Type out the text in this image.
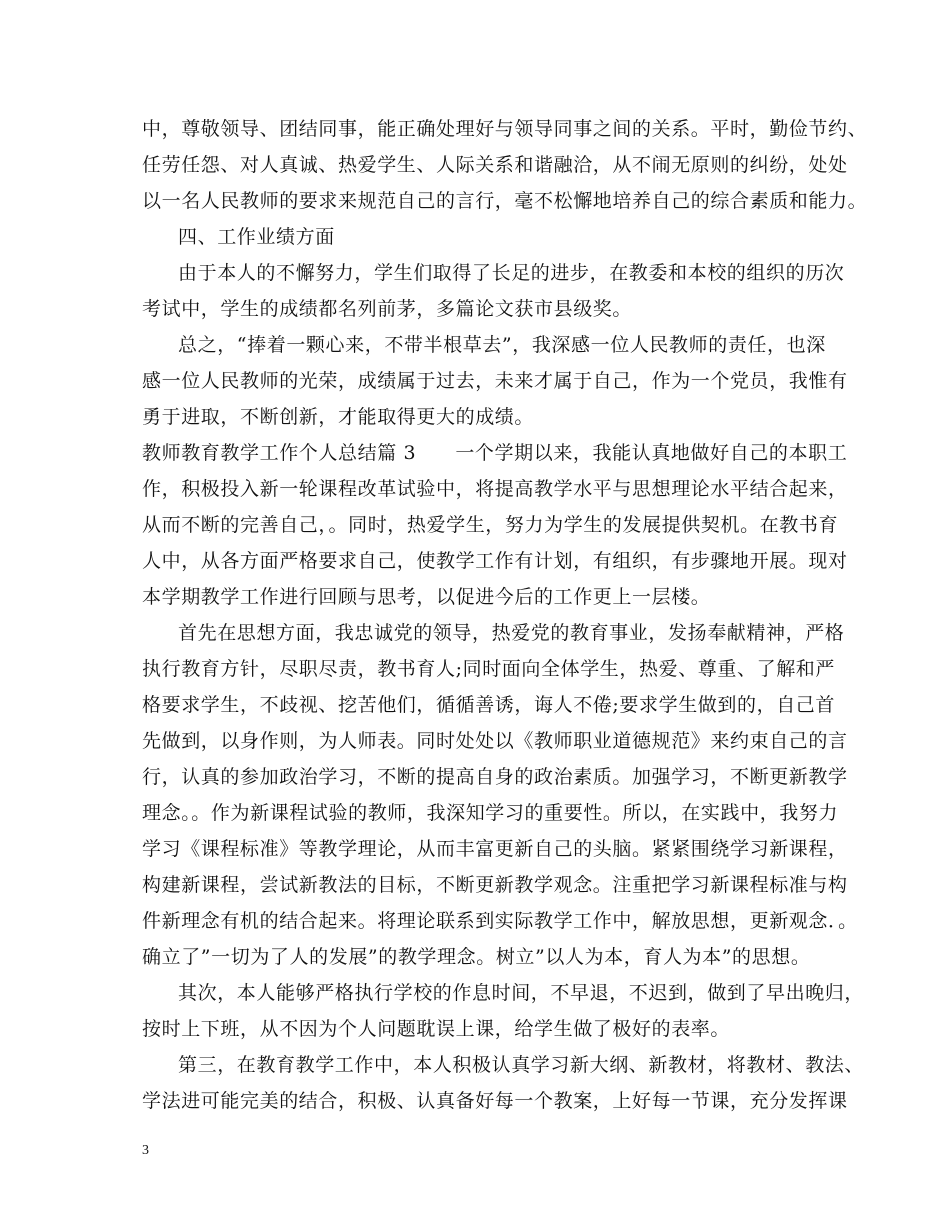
中，尊敬领导、团结同事，能正确处理好与领导同事之间的关系。平时，勤俭节约、
任劳任怨、对人真诚、热爱学生、人际关系和谐融洽，从不闹无原则的纠纷，处处
以一名人民教师的要求来规范自己的言行，毫不松懈地培养自己的综合素质和能力。
四、工作业绩方面
由于本人的不懈努力，学生们取得了长足的进步，在教委和本校的组织的历次
考试中，学生的成绩都名列前茅，多篇论文获市县级奖。
总之，“捧着一颗心来，不带半根草去”，我深感一位人民教师的责任，也深
感一位人民教师的光荣，成绩属于过去，未来才属于自己，作为一个党员，我惟有
勇于进取，不断创新，才能取得更大的成绩。
教师教育教学工作个人总结篇 3　　一个学期以来，我能认真地做好自己的本职工
作，积极投入新一轮课程改革试验中，将提高教学水平与思想理论水平结合起来，
从而不断的完善自己，。同时，热爱学生，努力为学生的发展提供契机。在教书育
人中，从各方面严格要求自己，使教学工作有计划，有组织，有步骤地开展。现对
本学期教学工作进行回顾与思考，以促进今后的工作更上一层楼。
首先在思想方面，我忠诚党的领导，热爱党的教育事业，发扬奉献精神，严格
执行教育方针，尽职尽责，教书育人;同时面向全体学生，热爱、尊重、了解和严
格要求学生，不歧视、挖苦他们，循循善诱，诲人不倦;要求学生做到的，自己首
先做到，以身作则，为人师表。同时处处以《教师职业道德规范》来约束自己的言
行，认真的参加政治学习，不断的提高自身的政治素质。加强学习，不断更新教学
理念。。作为新课程试验的教师，我深知学习的重要性。所以，在实践中，我努力
学习《课程标准》等教学理论，从而丰富更新自己的头脑。紧紧围绕学习新课程，
构建新课程，尝试新教法的目标，不断更新教学观念。注重把学习新课程标准与构
件新理念有机的结合起来。将理论联系到实际教学工作中，解放思想，更新观念．。
确立了”一切为了人的发展”的教学理念。树立”以人为本，育人为本”的思想。
其次，本人能够严格执行学校的作息时间，不早退，不迟到，做到了早出晚归，
按时上下班，从不因为个人问题耽误上课，给学生做了极好的表率。
第三，在教育教学工作中，本人积极认真学习新大纲、新教材，将教材、教法、
学法进可能完美的结合，积极、认真备好每一个教案，上好每一节课，充分发挥课
3
